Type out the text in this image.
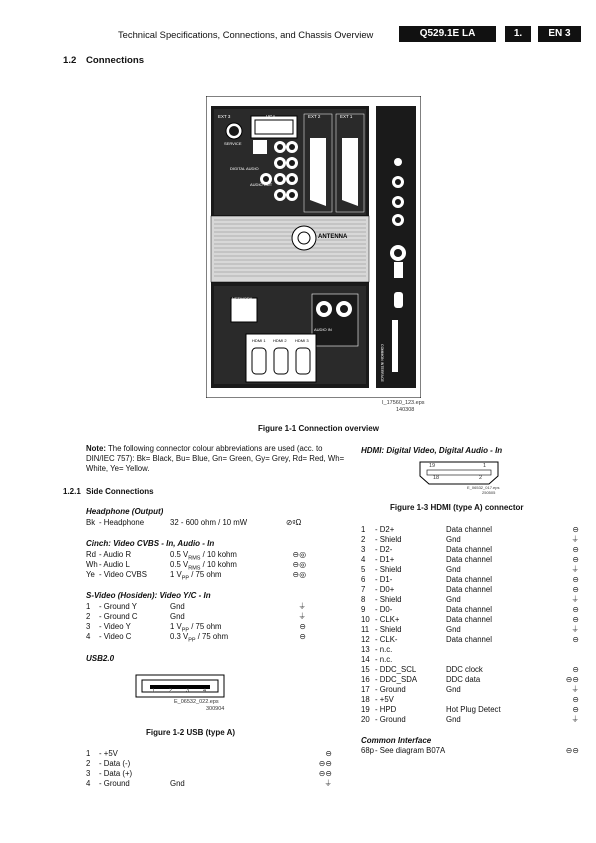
Technical Specifications, Connections, and Chassis Overview	Q529.1E LA	1.	EN 3
1.2 Connections
EXT 3	VGA	EXT 2	EXT 1
SERVICE
DIGITAL AUDIO
AUDIO OUT
ANTENNA
NETWORK
AUDIO IN
HDMI 1 HDMI 2 HDMI 3
COMMON INTERFACE
I_17560_123.eps
140308
Figure 1-1 Connection overview
Note: The following connector colour abbreviations are used (acc. to DIN/IEC 757): Bk= Black, Bu= Blue, Gn= Green, Gy= Grey, Rd= Red, Wh= White, Ye= Yellow.
1.2.1 Side Connections
Headphone (Output)
Bk - Headphone	32 - 600 ohm / 10 mW	⊘ᵍΩ
Cinch: Video CVBS - In, Audio - In
Rd - Audio R	0.5 $V_{RMS} / 10$ kohm	⊖◎
Wh - Audio L	0.5 $V_{RMS} / 10$ kohm	⊖◎
Ye - Video CVBS	1 $V_{PP} / 75$ ohm	⊖◎
S-Video (Hosiden): Video Y/C - In
1 - Ground Y	Gnd	⏚
2 - Ground C	Gnd	⏚
3 - Video Y	1 $V_{PP} / 75$ ohm	⊖
4 - Video C	0.3 $V_{PP} / 75$ ohm	⊖
USB2.0
1	2	3	4
E_06532_022.eps
300904
Figure 1-2 USB (type A)
1 - +5V	⊖
2 - Data (-)	⊖⊖
3 - Data (+)	⊖⊖
4 - Ground	Gnd	⏚
HDMI: Digital Video, Digital Audio - In
19	1
18	2
E_06532_017.eps
250505
Figure 1-3 HDMI (type A) connector
1 - D2+	Data channel	⊖
2 - Shield	Gnd	⏚
3 - D2-	Data channel	⊖
4 - D1+	Data channel	⊖
5 - Shield	Gnd	⏚
6 - D1-	Data channel	⊖
7 - D0+	Data channel	⊖
8 - Shield	Gnd	⏚
9 - D0-	Data channel	⊖
10 - CLK+	Data channel	⊖
11 - Shield	Gnd	⏚
12 - CLK-	Data channel	⊖
13 - n.c.
14 - n.c.
15 - DDC_SCL	DDC clock	⊖
16 - DDC_SDA	DDC data	⊖⊖
17 - Ground	Gnd	⏚
18 - +5V	⊖
19 - HPD	Hot Plug Detect	⊖
20 - Ground	Gnd	⏚
Common Interface
68p - See diagram B07A	⊖⊖
